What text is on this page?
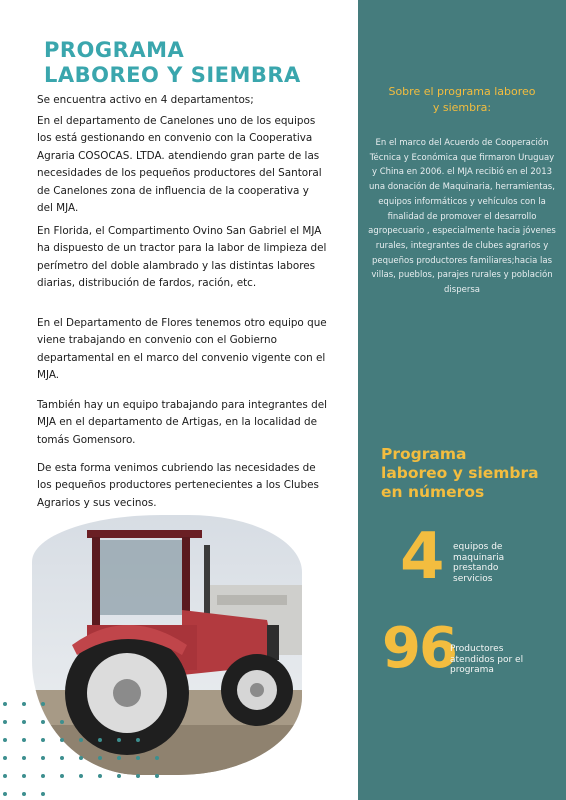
PROGRAMA
LABOREO Y SIEMBRA
Se encuentra activo en 4 departamentos;
En el departamento de Canelones uno de los equipos los está gestionando en convenio con la Cooperativa Agraria COSOCAS. LTDA. atendiendo gran parte de las necesidades de los pequeños productores del Santoral de Canelones zona de influencia de la cooperativa y del MJA.
En Florida, el Compartimento Ovino San Gabriel el MJA ha dispuesto de un tractor para la labor de limpieza del perímetro del doble alambrado y las distintas labores diarias, distribución de fardos, ración, etc.
En el Departamento de Flores tenemos otro equipo que viene trabajando en convenio con el Gobierno departamental en el marco del convenio vigente con el MJA.
También hay un equipo trabajando para integrantes del MJA en el departamento de Artigas, en la localidad de tomás Gomensoro.
De esta forma venimos cubriendo las necesidades de los pequeños productores pertenecientes a los Clubes Agrarios y sus vecinos.
Sobre el programa laboreo
y siembra:
En el marco del Acuerdo de Cooperación Técnica y Económica que firmaron Uruguay y China en 2006. el MJA recibió en el 2013 una donación de Maquinaria, herramientas, equipos informáticos y vehículos con la finalidad de promover el desarrollo agropecuario , especialmente hacia jóvenes rurales, integrantes de clubes agrarios y pequeños productores familiares;hacia las villas, pueblos, parajes rurales y población dispersa
Programa
laboreo y siembra
en números
4 equipos de
maquinaria
prestando
servicios
96
Productores
atendidos por el
programa
